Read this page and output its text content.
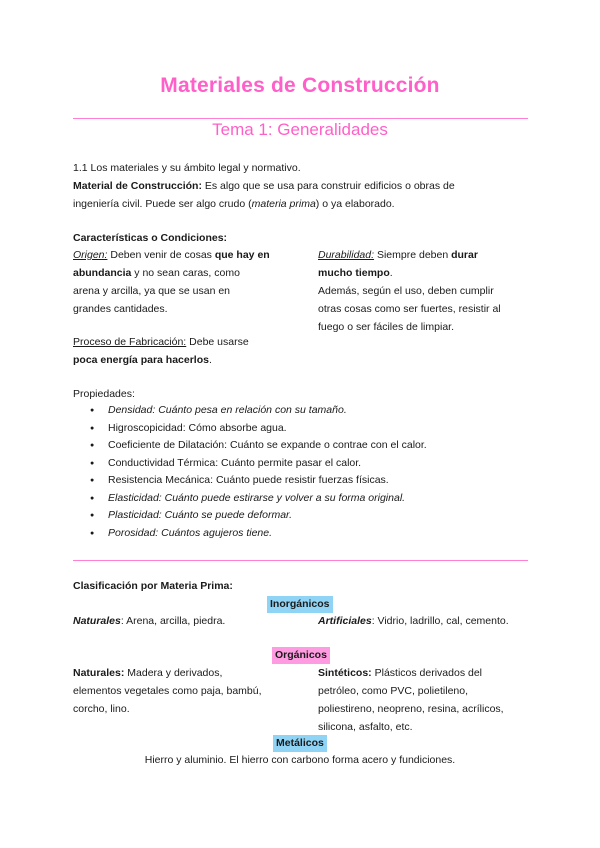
Materiales de Construcción
Tema 1: Generalidades
1.1 Los materiales y su ámbito legal y normativo.
Material de Construcción: Es algo que se usa para construir edificios o obras de
ingeniería civil. Puede ser algo crudo (materia prima) o ya elaborado.
Características o Condiciones:
Origen: Deben venir de cosas que hay en
abundancia y no sean caras, como
arena y arcilla, ya que se usan en
grandes cantidades.
Proceso de Fabricación: Debe usarse
poca energía para hacerlos.
Durabilidad: Siempre deben durar
mucho tiempo.
Además, según el uso, deben cumplir
otras cosas como ser fuertes, resistir al
fuego o ser fáciles de limpiar.
Propiedades:
● Densidad: Cuánto pesa en relación con su tamaño.
● Higroscopicidad: Cómo absorbe agua.
● Coeficiente de Dilatación: Cuánto se expande o contrae con el calor.
● Conductividad Térmica: Cuánto permite pasar el calor.
● Resistencia Mecánica: Cuánto puede resistir fuerzas físicas.
● Elasticidad: Cuánto puede estirarse y volver a su forma original.
● Plasticidad: Cuánto se puede deformar.
● Porosidad: Cuántos agujeros tiene.
Clasificación por Materia Prima:
Inorgánicos
Naturales: Arena, arcilla, piedra.	Artificiales: Vidrio, ladrillo, cal, cemento.
Orgánicos
Naturales: Madera y derivados,
elementos vegetales como paja, bambú,
corcho, lino.
Sintéticos: Plásticos derivados del
petróleo, como PVC, polietileno,
poliestireno, neopreno, resina, acrílicos,
silicona, asfalto, etc.
Metálicos
Hierro y aluminio. El hierro con carbono forma acero y fundiciones.
